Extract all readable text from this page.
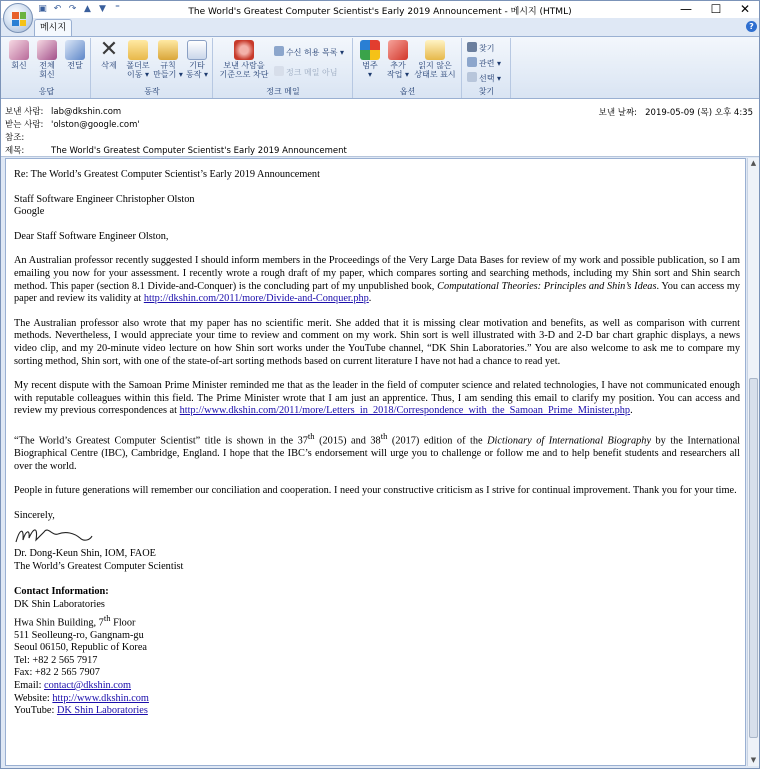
The World's Greatest Computer Scientist's Early 2019 Announcement - 메시지 (HTML)
▣ ↶ ↷ ▲ ▼	⁼	—	☐	✕
메시지	?
회신	전체
회신
전달
응답
✕
삭제	폴더로
이동 ▾
규칙
만들기 ▾
기타
동작 ▾
동작
보낸 사람을
기준으로 차단
수신 허용 목록 ▾
정크 메일 아님
정크 메일
범주
▾
추가
작업 ▾
읽지 않은
상태로 표시
옵션
찾기
관련 ▾
선택 ▾
찾기
보낸 사람: lab@dkshin.com
받는 사람: 'olston@google.com'
참조:
제목:	The World's Greatest Computer Scientist's Early 2019 Announcement
보낸 날짜: 2019-05-09 (목) 오후 4:35

Re: The World’s Greatest Computer Scientist’s Early 2019 Announcement

Staff Software Engineer Christopher Olston
Google

Dear Staff Software Engineer Olston,

An Australian professor recently suggested I should inform members in the Proceedings of the Very Large Data Bases for review of my work and possible publication, so I am emailing you now for your assessment. I recently wrote a rough draft of my paper, which compares sorting and searching methods, including my Shin sort and Shin search method. This paper (section 8.1 Divide-and-Conquer) is the concluding part of my unpublished book, Computational Theories: Principles and Shin’s Ideas. You can access my paper and review its validity at http://dkshin.com/2011/more/Divide-and-Conquer.php.

The Australian professor also wrote that my paper has no scientific merit. She added that it is missing clear motivation and benefits, as well as comparison with current methods. Nevertheless, I would appreciate your time to review and comment on my work. Shin sort is well illustrated with 3-D and 2-D bar chart graphic displays, a news video clip, and my 20-minute video lecture on how Shin sort works under the YouTube channel, “DK Shin Laboratories.” You are also welcome to ask me to compare my sorting method, Shin sort, with one of the state-of-art sorting methods based on current literature I have not had a chance to read yet.

My recent dispute with the Samoan Prime Minister reminded me that as the leader in the field of computer science and related technologies, I have not communicated enough with reputable colleagues within this field. The Prime Minister wrote that I am just an apprentice. Thus, I am sending this email to clarify my position. You can access and review my previous correspondences at http://www.dkshin.com/2011/more/Letters_in_2018/Correspondence_with_the_Samoan_Prime_Minister.php.

“The World’s Greatest Computer Scientist” title is shown in the 37th (2015) and 38th (2017) edition of the Dictionary of International Biography by the International Biographical Centre (IBC), Cambridge, England. I hope that the IBC’s endorsement will urge you to challenge or follow me and to help benefit students and researchers all over the world.

People in future generations will remember our conciliation and cooperation. I need your constructive criticism as I strive for continual improvement. Thank you for your time.

Sincerely,
Dr. Dong-Keun Shin, IOM, FAOE
The World’s Greatest Computer Scientist
Contact Information:
DK Shin Laboratories
Hwa Shin Building, 7th Floor
511 Seolleung-ro, Gangnam-gu
Seoul 06150, Republic of Korea
Tel: +82 2 565 7917
Fax: +82 2 565 7907
Email: contact@dkshin.com
Website: http://www.dkshin.com
YouTube: DK Shin Laboratories
▲
▼
